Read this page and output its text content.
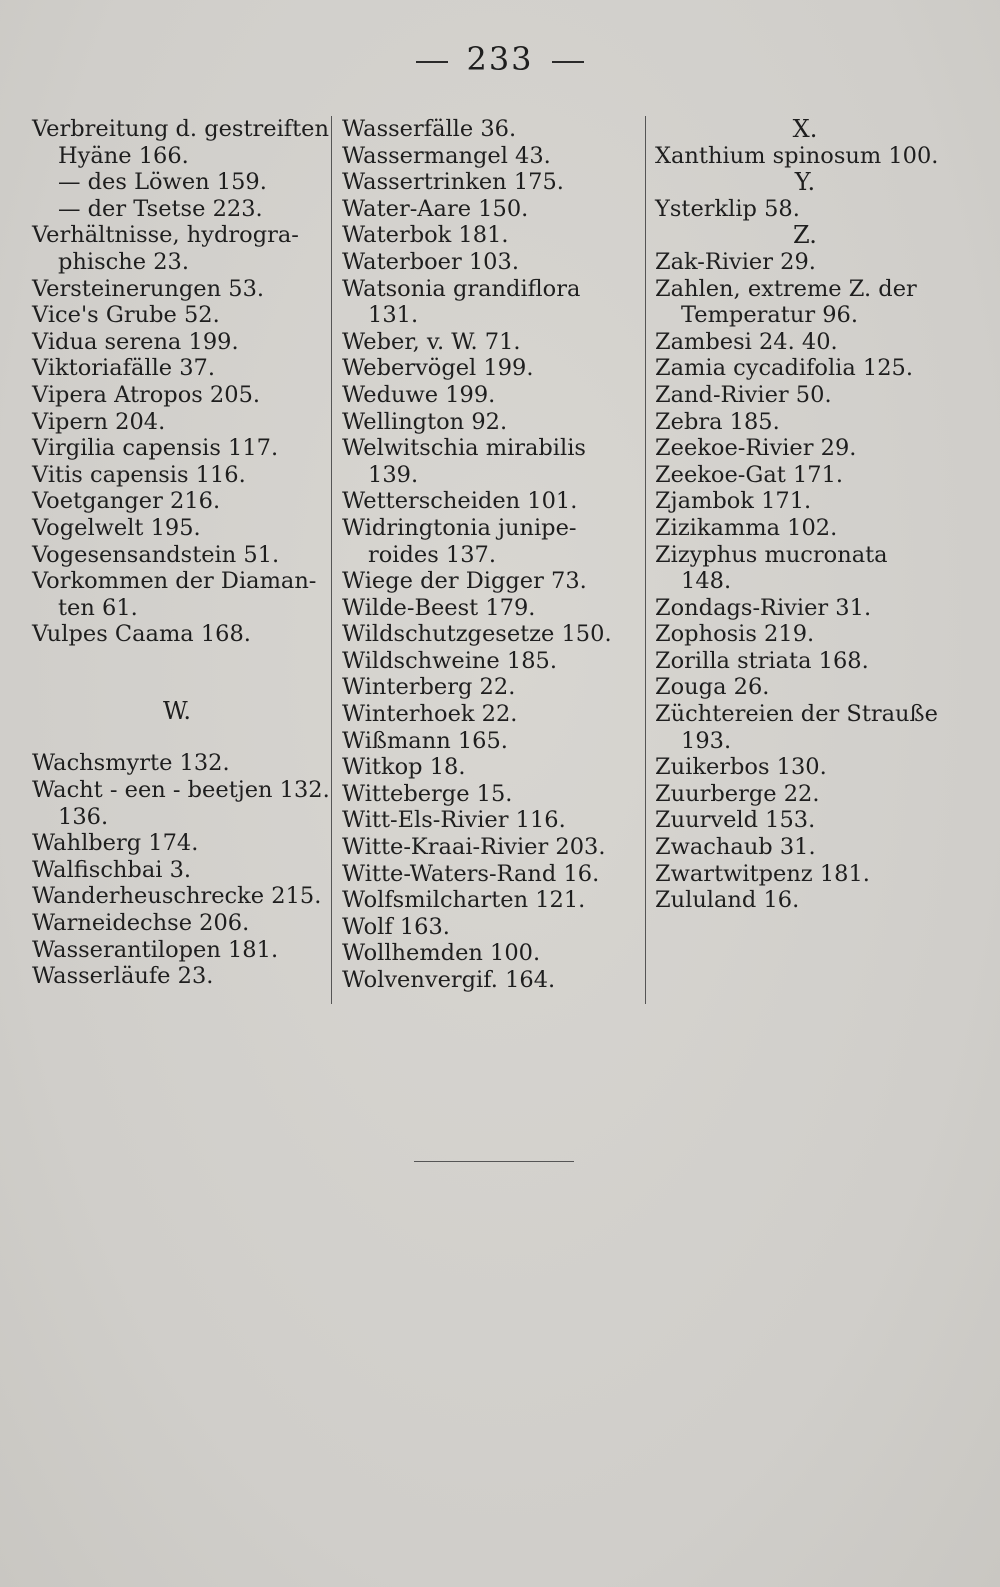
233
Verbreitung d. gestreiften
Hyäne 166.
— des Löwen 159.
— der Tsetse 223.
Verhältnisse, hydrogra-
phische 23.
Versteinerungen 53.
Vice's Grube 52.
Vidua serena 199.
Viktoriafälle 37.
Vipera Atropos 205.
Vipern 204.
Virgilia capensis 117.
Vitis capensis 116.
Voetganger 216.
Vogelwelt 195.
Vogesensandstein 51.
Vorkommen der Diaman-
ten 61.
Vulpes Caama 168.
W.
Wachsmyrte 132.
Wacht - een - beetjen 132.
136.
Wahlberg 174.
Walfischbai 3.
Wanderheuschrecke 215.
Warneidechse 206.
Wasserantilopen 181.
Wasserläufe 23.
Wasserfälle 36.
Wassermangel 43.
Wassertrinken 175.
Water-Aare 150.
Waterbok 181.
Waterboer 103.
Watsonia grandiflora
131.
Weber, v. W. 71.
Webervögel 199.
Weduwe 199.
Wellington 92.
Welwitschia mirabilis
139.
Wetterscheiden 101.
Widringtonia junipe-
roides 137.
Wiege der Digger 73.
Wilde-Beest 179.
Wildschutzgesetze 150.
Wildschweine 185.
Winterberg 22.
Winterhoek 22.
Wißmann 165.
Witkop 18.
Witteberge 15.
Witt-Els-Rivier 116.
Witte-Kraai-Rivier 203.
Witte-Waters-Rand 16.
Wolfsmilcharten 121.
Wolf 163.
Wollhemden 100.
Wolvenvergif. 164.
X.
Xanthium spinosum 100.
Y.
Ysterklip 58.
Z.
Zak-Rivier 29.
Zahlen, extreme Z. der
Temperatur 96.
Zambesi 24. 40.
Zamia cycadifolia 125.
Zand-Rivier 50.
Zebra 185.
Zeekoe-Rivier 29.
Zeekoe-Gat 171.
Zjambok 171.
Zizikamma 102.
Zizyphus mucronata
148.
Zondags-Rivier 31.
Zophosis 219.
Zorilla striata 168.
Zouga 26.
Züchtereien der Strauße
193.
Zuikerbos 130.
Zuurberge 22.
Zuurveld 153.
Zwachaub 31.
Zwartwitpenz 181.
Zululand 16.
